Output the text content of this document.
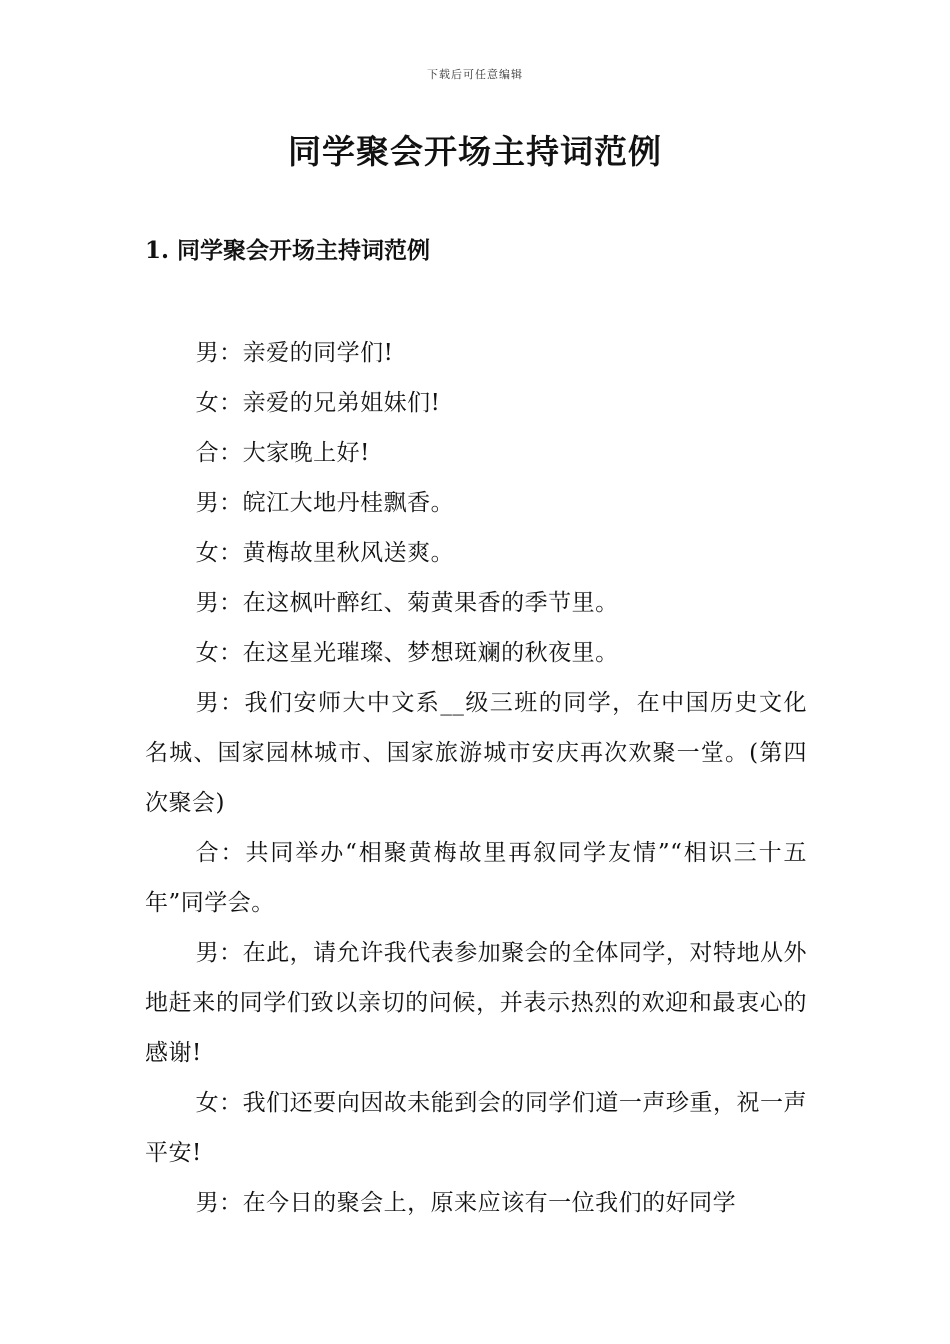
下载后可任意编辑
同学聚会开场主持词范例
1. 同学聚会开场主持词范例

男：亲爱的同学们!

女：亲爱的兄弟姐妹们!

合：大家晚上好!

男：皖江大地丹桂飘香。

女：黄梅故里秋风送爽。

男：在这枫叶醉红、菊黄果香的季节里。

女：在这星光璀璨、梦想斑斓的秋夜里。

男：我们安师大中文系__级三班的同学，在中国历史文化名城、国家园林城市、国家旅游城市安庆再次欢聚一堂。(第四次聚会)

合：共同举办“相聚黄梅故里再叙同学友情”“相识三十五年”同学会。

男：在此，请允许我代表参加聚会的全体同学，对特地从外地赶来的同学们致以亲切的问候，并表示热烈的欢迎和最衷心的感谢!

女：我们还要向因故未能到会的同学们道一声珍重，祝一声平安!

男：在今日的聚会上，原来应该有一位我们的好同学
